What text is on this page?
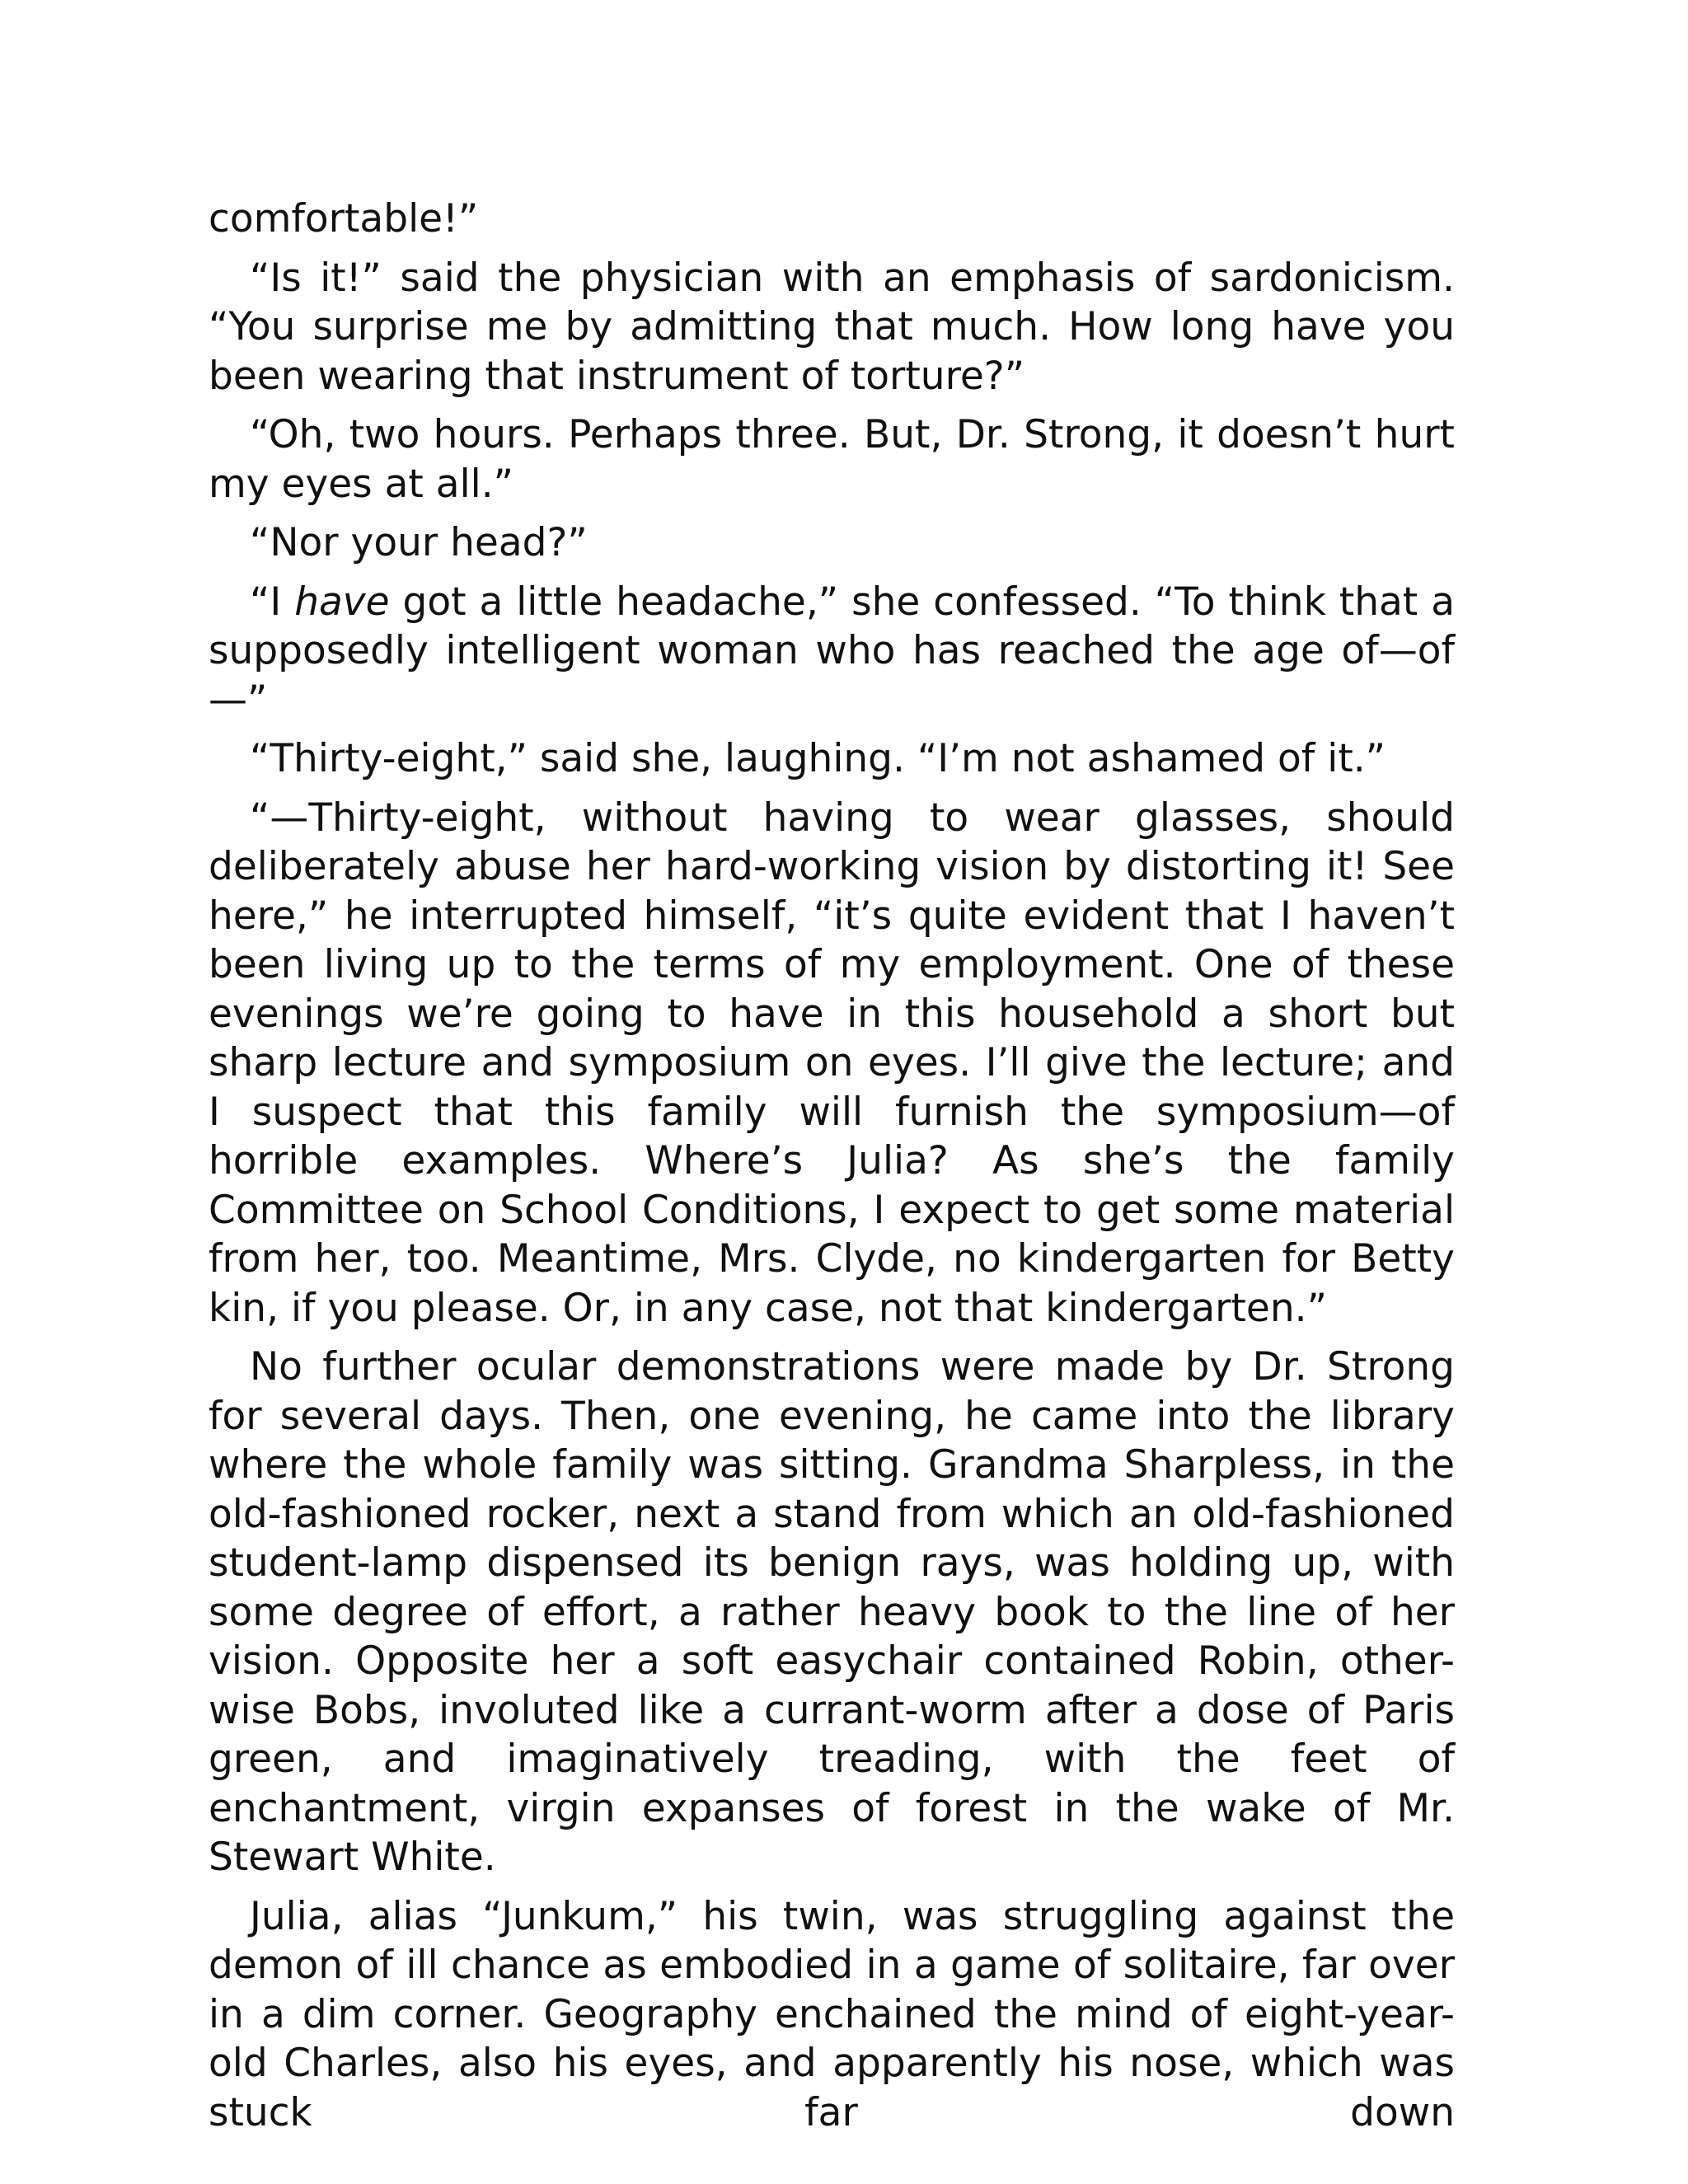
comfortable!”

“Is it!” said the physician with an emphasis of sardonicism. “You surprise me by admitting that much. How long have you been wearing that instrument of torture?”

“Oh, two hours. Perhaps three. But, Dr. Strong, it doesn’t hurt my eyes at all.”

“Nor your head?”

“I have got a little headache,” she confessed. “To think that a supposedly intelligent woman who has reached the age of—of—”

“Thirty-eight,” said she, laughing. “I’m not ashamed of it.”

“—Thirty-eight, without having to wear glasses, should deliberately abuse her hard-working vision by distorting it! See here,” he interrupted himself, “it’s quite evident that I haven’t been living up to the terms of my employment. One of these evenings we’re going to have in this household a short but sharp lecture and symposium on eyes. I’ll give the lecture; and I suspect that this family will furnish the symposium—of horrible examples. Where’s Julia? As she’s the family Committee on School Conditions, I expect to get some material from her, too. Meantime, Mrs. Clyde, no kindergarten for Betty kin, if you please. Or, in any case, not that kindergarten.”

No further ocular demonstrations were made by Dr. Strong for several days. Then, one evening, he came into the library where the whole family was sitting. Grandma Sharpless, in the old-fashioned rocker, next a stand from which an old-fashioned student-lamp dispensed its benign rays, was holding up, with some degree of effort, a rather heavy book to the line of her vision. Opposite her a soft easychair contained Robin, other-wise Bobs, involuted like a currant-worm after a dose of Paris green, and imaginatively treading, with the feet of enchantment, virgin expanses of forest in the wake of Mr. Stewart White.

Julia, alias “Junkum,” his twin, was struggling against the demon of ill chance as embodied in a game of solitaire, far over in a dim corner. Geography enchained the mind of eight-year-old Charles, also his eyes, and apparently his nose, which was stuck far down
